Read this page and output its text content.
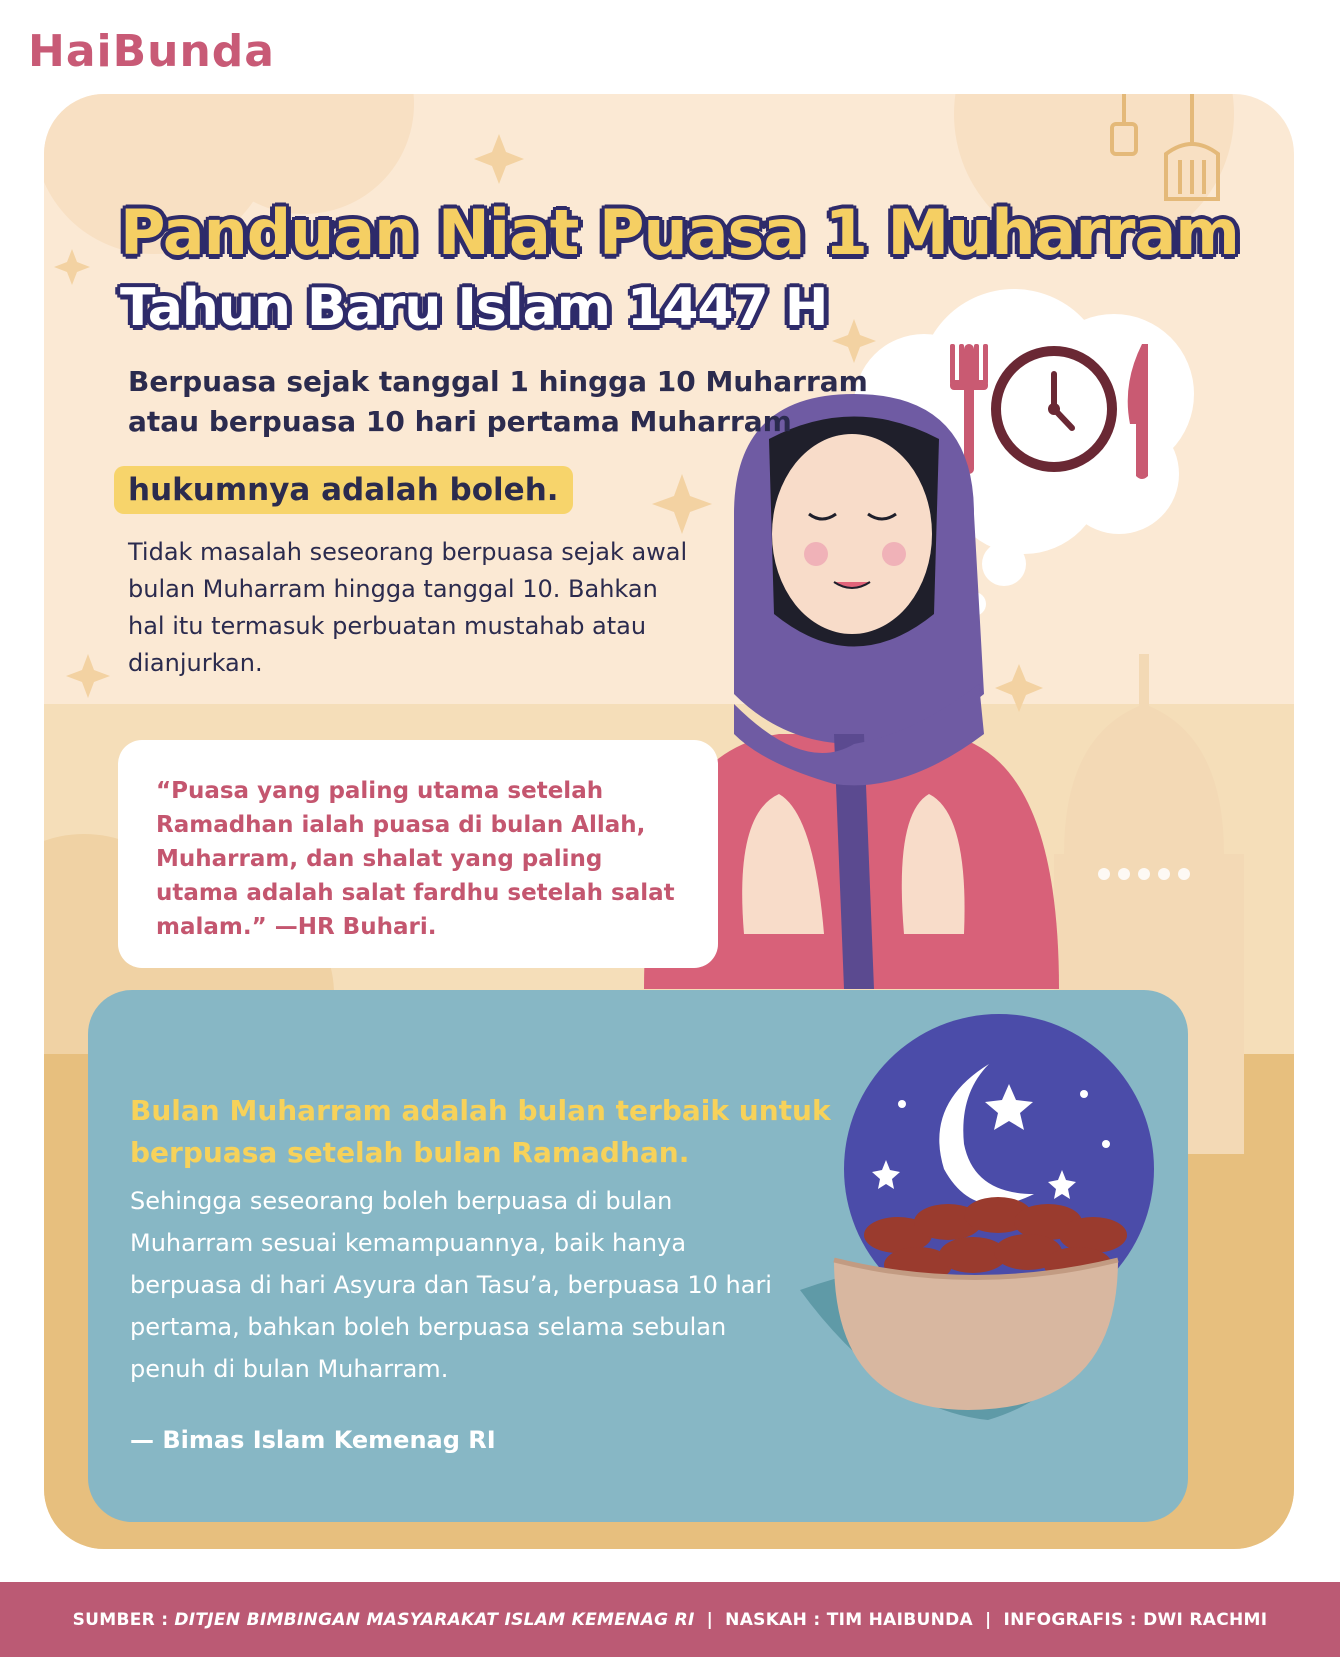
HaiBunda
Panduan Niat Puasa 1 Muharram
Tahun Baru Islam 1447 H
Berpuasa sejak tanggal 1 hingga 10 Muharram atau berpuasa 10 hari pertama Muharram
hukumnya adalah boleh.
Tidak masalah seseorang berpuasa sejak awal bulan Muharram hingga tanggal 10. Bahkan hal itu termasuk perbuatan mustahab atau dianjurkan.
“Puasa yang paling utama setelah Ramadhan ialah puasa di bulan Allah, Muharram, dan shalat yang paling utama adalah salat fardhu setelah salat malam.” —HR Buhari.
Bulan Muharram adalah bulan terbaik untuk berpuasa setelah bulan Ramadhan.
Sehingga seseorang boleh berpuasa di bulan Muharram sesuai kemampuannya, baik hanya berpuasa di hari Asyura dan Tasu’a, berpuasa 10 hari pertama, bahkan boleh berpuasa selama sebulan penuh di bulan Muharram.
— Bimas Islam Kemenag RI
SUMBER : DITJEN BIMBINGAN MASYARAKAT ISLAM KEMENAG RI | NASKAH : TIM HAIBUNDA | INFOGRAFIS : DWI RACHMI
